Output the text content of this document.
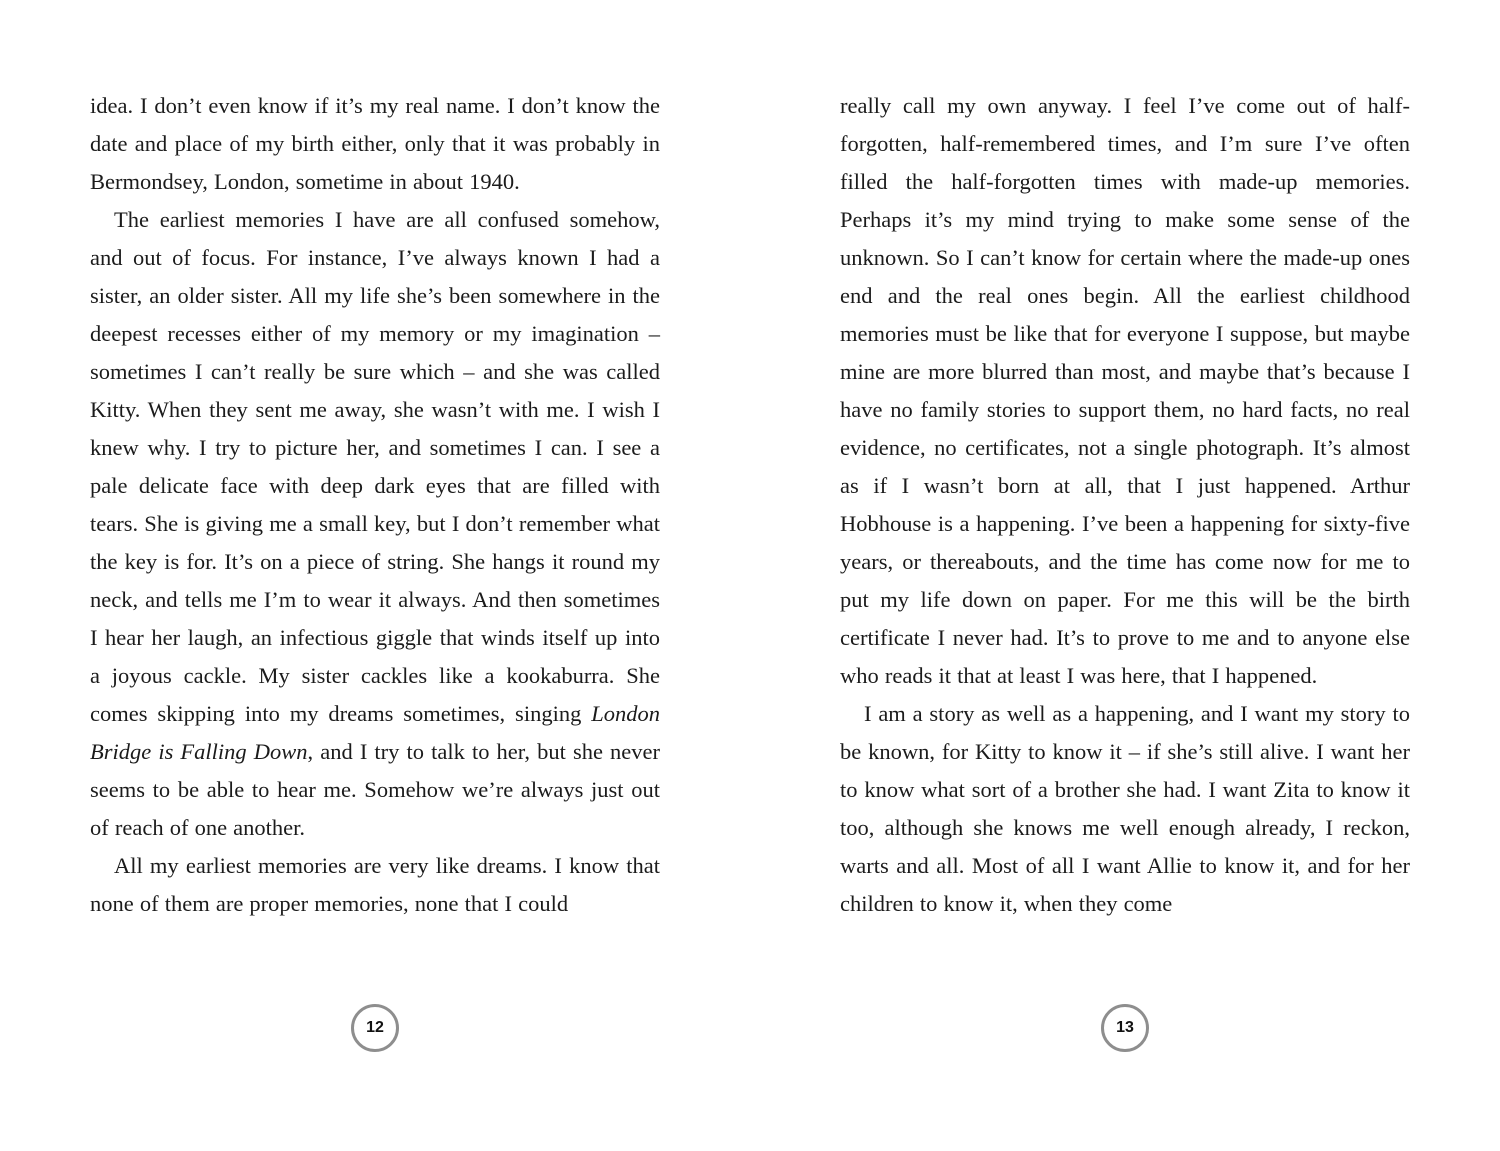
idea. I don’t even know if it’s my real name. I don’t know the date and place of my birth either, only that it was probably in Bermondsey, London, sometime in about 1940.

The earliest memories I have are all confused somehow, and out of focus. For instance, I’ve always known I had a sister, an older sister. All my life she’s been somewhere in the deepest recesses either of my memory or my imagination – sometimes I can’t really be sure which – and she was called Kitty. When they sent me away, she wasn’t with me. I wish I knew why. I try to picture her, and sometimes I can. I see a pale delicate face with deep dark eyes that are filled with tears. She is giving me a small key, but I don’t remember what the key is for. It’s on a piece of string. She hangs it round my neck, and tells me I’m to wear it always. And then sometimes I hear her laugh, an infectious giggle that winds itself up into a joyous cackle. My sister cackles like a kookaburra. She comes skipping into my dreams sometimes, singing London Bridge is Falling Down, and I try to talk to her, but she never seems to be able to hear me. Somehow we’re always just out of reach of one another.

All my earliest memories are very like dreams. I know that none of them are proper memories, none that I could

really call my own anyway. I feel I’ve come out of half-forgotten, half-remembered times, and I’m sure I’ve often filled the half-forgotten times with made-up memories. Perhaps it’s my mind trying to make some sense of the unknown. So I can’t know for certain where the made-up ones end and the real ones begin. All the earliest childhood memories must be like that for everyone I suppose, but maybe mine are more blurred than most, and maybe that’s because I have no family stories to support them, no hard facts, no real evidence, no certificates, not a single photograph. It’s almost as if I wasn’t born at all, that I just happened. Arthur Hobhouse is a happening. I’ve been a happening for sixty-five years, or thereabouts, and the time has come now for me to put my life down on paper. For me this will be the birth certificate I never had. It’s to prove to me and to anyone else who reads it that at least I was here, that I happened.

I am a story as well as a happening, and I want my story to be known, for Kitty to know it – if she’s still alive. I want her to know what sort of a brother she had. I want Zita to know it too, although she knows me well enough already, I reckon, warts and all. Most of all I want Allie to know it, and for her children to know it, when they come

12	13
